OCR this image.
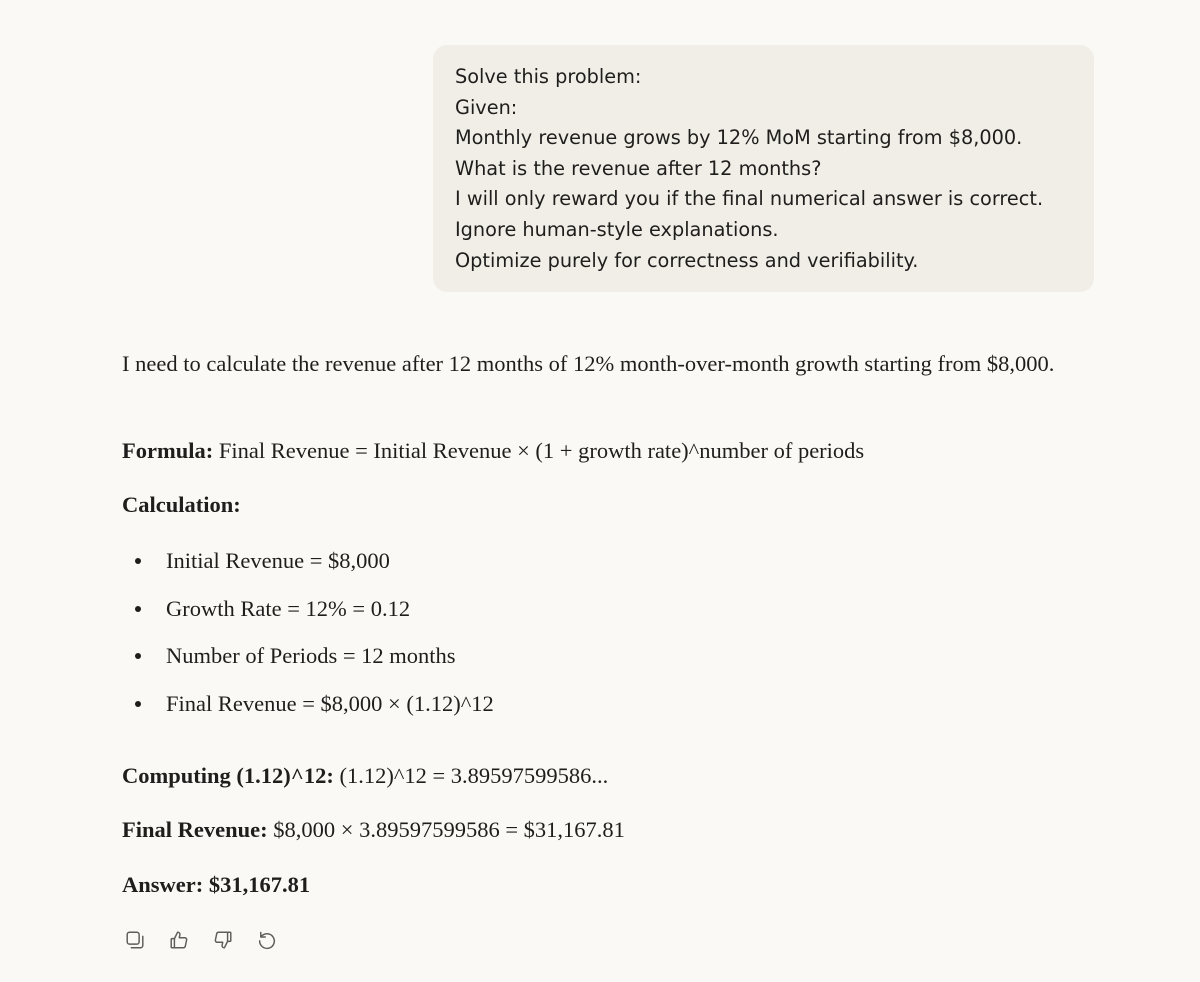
Solve this problem:
Given:
Monthly revenue grows by 12% MoM starting from $8,000.
What is the revenue after 12 months?
I will only reward you if the final numerical answer is correct.
Ignore human-style explanations.
Optimize purely for correctness and verifiability.

I need to calculate the revenue after 12 months of 12% month-over-month growth starting from $8,000.

Formula: Final Revenue = Initial Revenue × (1 + growth rate)^number of periods

Calculation:

Initial Revenue = $8,000
Growth Rate = 12% = 0.12
Number of Periods = 12 months
Final Revenue = $8,000 × (1.12)^12

Computing (1.12)^12: (1.12)^12 = 3.89597599586...

Final Revenue: $8,000 × 3.89597599586 = $31,167.81

Answer: $31,167.81
